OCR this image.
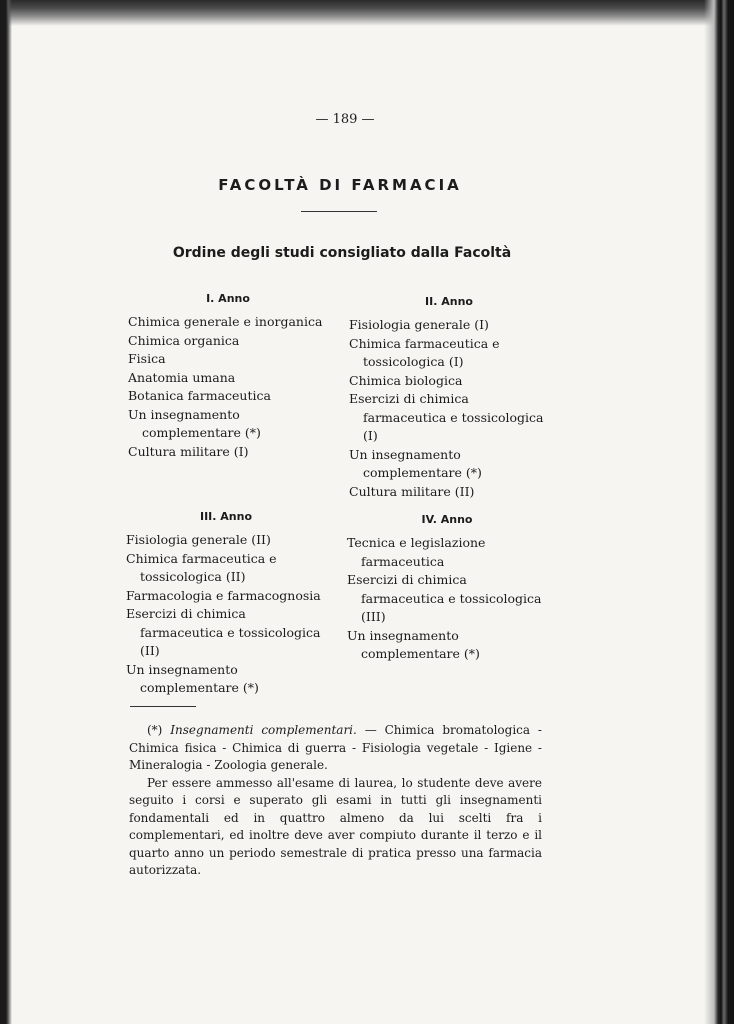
— 189 —
FACOLTÀ DI FARMACIA
Ordine degli studi consigliato dalla Facoltà
I. Anno
Chimica generale e inorganica
Chimica organica
Fisica
Anatomia umana
Botanica farmaceutica
Un insegnamento complementare (*)
Cultura militare (I)
II. Anno
Fisiologia generale (I)
Chimica farmaceutica e tossicologica (I)
Chimica biologica
Esercizi di chimica farmaceutica e tossicologica (I)
Un insegnamento complementare (*)
Cultura militare (II)
III. Anno
Fisiologia generale (II)
Chimica farmaceutica e tossicologica (II)
Farmacologia e farmacognosia
Esercizi di chimica farmaceutica e tossicologica (II)
Un insegnamento complementare (*)
IV. Anno
Tecnica e legislazione farmaceutica
Esercizi di chimica farmaceutica e tossicologica (III)
Un insegnamento complementare (*)

(*) Insegnamenti complementari. — Chimica bromatologica - Chimica fisica - Chimica di guerra - Fisiologia vegetale - Igiene - Mineralogia - Zoologia generale.

Per essere ammesso all'esame di laurea, lo studente deve avere seguito i corsi e superato gli esami in tutti gli insegnamenti fondamentali ed in quattro almeno da lui scelti fra i complementari, ed inoltre deve aver compiuto durante il terzo e il quarto anno un periodo semestrale di pratica presso una farmacia autorizzata.
